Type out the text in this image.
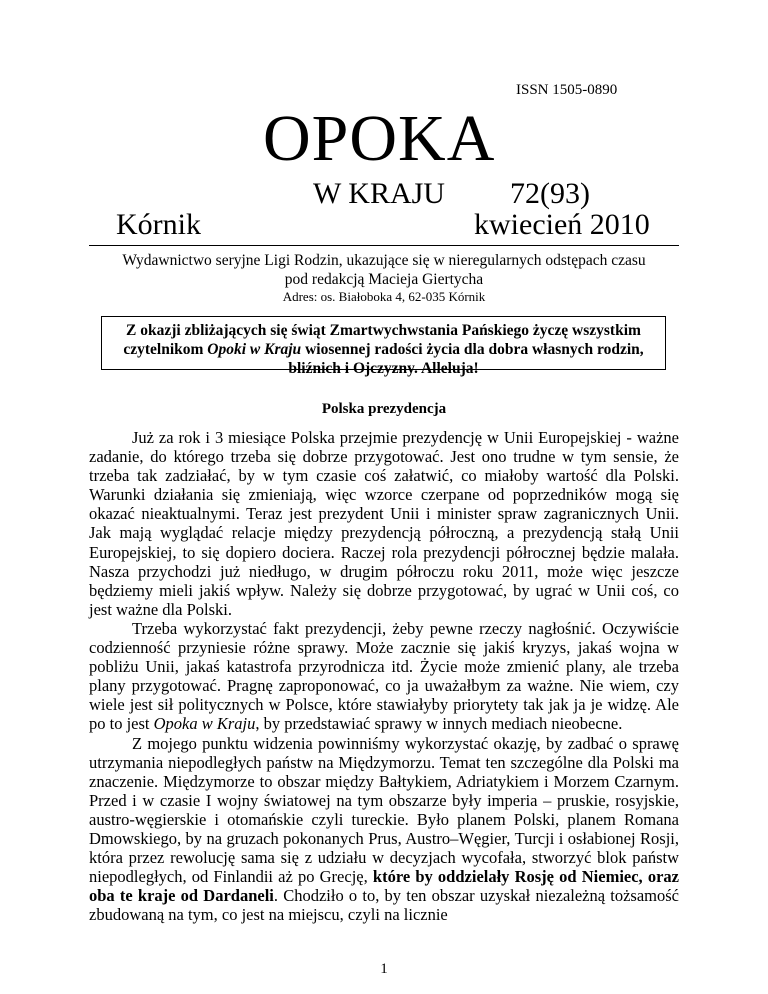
ISSN 1505-0890
OPOKA
W KRAJU 72(93)
Kórnik	kwiecień 2010
Wydawnictwo seryjne Ligi Rodzin, ukazujące się w nieregularnych odstępach czasu
pod redakcją Macieja Giertycha
Adres: os. Białoboka 4, 62-035 Kórnik
Z okazji zbliżających się świąt Zmartwychwstania Pańskiego życzę wszystkim czytelnikom Opoki w Kraju wiosennej radości życia dla dobra własnych rodzin, bliźnich i Ojczyzny. Alleluja!
Polska prezydencja

Już za rok i 3 miesiące Polska przejmie prezydencję w Unii Europejskiej - ważne zadanie, do którego trzeba się dobrze przygotować. Jest ono trudne w tym sensie, że trzeba tak zadziałać, by w tym czasie coś załatwić, co miałoby wartość dla Polski. Warunki działania się zmieniają, więc wzorce czerpane od poprzedników mogą się okazać nieaktualnymi. Teraz jest prezydent Unii i minister spraw zagranicznych Unii. Jak mają wyglądać relacje między prezydencją półroczną, a prezydencją stałą Unii Europejskiej, to się dopiero dociera. Raczej rola prezydencji półrocznej będzie malała. Nasza przychodzi już niedługo, w drugim półroczu roku 2011, może więc jeszcze będziemy mieli jakiś wpływ. Należy się dobrze przygotować, by ugrać w Unii coś, co jest ważne dla Polski.

Trzeba wykorzystać fakt prezydencji, żeby pewne rzeczy nagłośnić. Oczywiście codzienność przyniesie różne sprawy. Może zacznie się jakiś kryzys, jakaś wojna w pobliżu Unii, jakaś katastrofa przyrodnicza itd. Życie może zmienić plany, ale trzeba plany przygotować. Pragnę zaproponować, co ja uważałbym za ważne. Nie wiem, czy wiele jest sił politycznych w Polsce, które stawiałyby priorytety tak jak ja je widzę. Ale po to jest Opoka w Kraju, by przedstawiać sprawy w innych mediach nieobecne.

Z mojego punktu widzenia powinniśmy wykorzystać okazję, by zadbać o sprawę utrzymania niepodległych państw na Międzymorzu. Temat ten szczególne dla Polski ma znaczenie. Międzymorze to obszar między Bałtykiem, Adriatykiem i Morzem Czarnym. Przed i w czasie I wojny światowej na tym obszarze były imperia – pruskie, rosyjskie, austro-węgierskie i otomańskie czyli tureckie. Było planem Polski, planem Romana Dmowskiego, by na gruzach pokonanych Prus, Austro–Węgier, Turcji i osłabionej Rosji, która przez rewolucję sama się z udziału w decyzjach wycofała, stworzyć blok państw niepodległych, od Finlandii aż po Grecję, które by oddzielały Rosję od Niemiec, oraz oba te kraje od Dardaneli. Chodziło o to, by ten obszar uzyskał niezależną tożsamość zbudowaną na tym, co jest na miejscu, czyli na licznie

1
